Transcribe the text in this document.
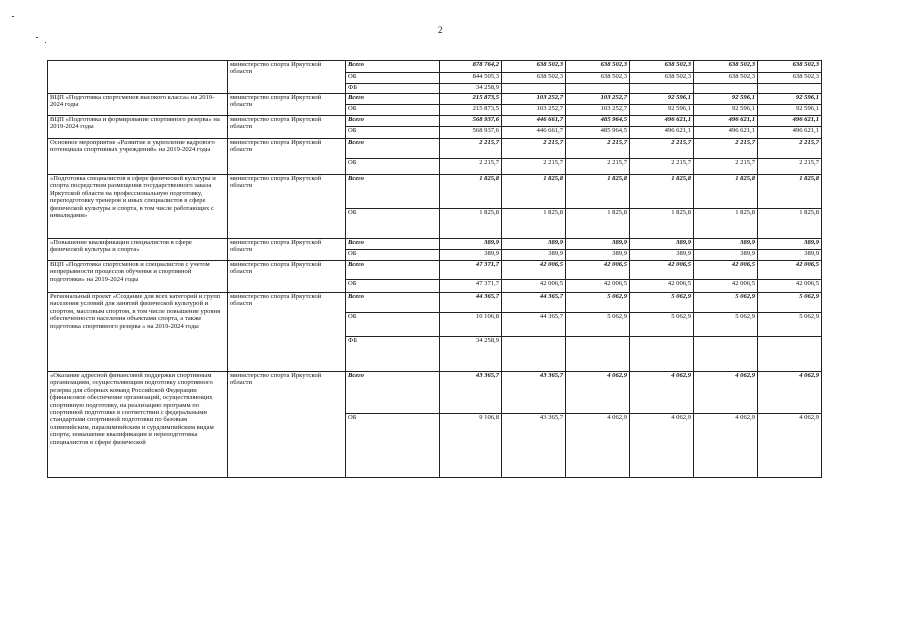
2
	министерство спорта Иркутской области	Всего	878 764,2	638 502,3	638 502,3	638 502,3	638 502,3	638 502,3
		ОБ	844 505,3	638 502,3	638 502,3	638 502,3	638 502,3	638 502,3
		ФБ	34 258,9					
ВЦП «Подготовка спортсменов высокого класса» на 2019-2024 годы	министерство спорта Иркутской области	Всего	215 873,5	103 252,7	103 252,7	92 596,1	92 596,1	92 596,1
		ОБ	215 873,5	103 252,7	103 252,7	92 596,1	92 596,1	92 596,1
ВЦП «Подготовка и формирование спортивного резерва» на 2019-2024 годы	министерство спорта Иркутской области	Всего	568 937,6	446 661,7	485 964,5	496 621,1	496 621,1	496 621,1
		ОБ	568 937,6	446 661,7	485 964,5	496 621,1	496 621,1	496 621,1
Основное мероприятие «Развитие и укрепление кадрового потенциала спортивных учреждений» на 2019-2024 годы	министерство спорта Иркутской области	Всего	2 215,7	2 215,7	2 215,7	2 215,7	2 215,7	2 215,7
		ОБ	2 215,7	2 215,7	2 215,7	2 215,7	2 215,7	2 215,7
«Подготовка специалистов в сфере физической культуры и спорта посредством размещения государственного заказа Иркутской области на профессиональную подготовку, переподготовку тренеров и иных специалистов в сфере физической культуры и спорта, в том числе работающих с инвалидами»	министерство спорта Иркутской области	Всего	1 825,8	1 825,8	1 825,8	1 825,8	1 825,8	1 825,8
		ОБ	1 825,8	1 825,8	1 825,8	1 825,8	1 825,8	1 825,8
«Повышение квалификации специалистов в сфере физической культуры и спорта»	министерство спорта Иркутской области	Всего	389,9	389,9	389,9	389,9	389,9	389,9
		ОБ	389,9	389,9	389,9	389,9	389,9	389,9
ВЦП «Подготовка спортсменов и специалистов с учетом непрерывности процессов обучения и спортивной подготовки» на 2019-2024 годы	министерство спорта Иркутской области	Всего	47 371,7	42 006,5	42 006,5	42 006,5	42 006,5	42 006,5
		ОБ	47 371,7	42 006,5	42 006,5	42 006,5	42 006,5	42 006,5
Региональный проект «Создание для всех категорий и групп населения условий для занятий физической культурой и спортом, массовым спортом, в том числе повышение уровня обеспеченности населения объектами спорта, а также подготовка спортивного резерва » на 2019-2024 годы	министерство спорта Иркутской области	Всего	44 365,7	44 365,7	5 062,9	5 062,9	5 062,9	5 062,9
		ОБ	10 106,8	44 365,7	5 062,9	5 062,9	5 062,9	5 062,9
		ФБ	34 258,9					
«Оказание адресной финансовой поддержки спортивным организациям, осуществляющим подготовку спортивного резерва для сборных команд Российской Федерации (финансовое обеспечение организаций, осуществляющих спортивную подготовку, на реализацию программ по спортивной подготовке в соответствии с федеральными стандартами спортивной подготовки по базовым олимпийским, паралимпийским и сурдлимпийским видам спорта; повышение квалификации и переподготовка специалистов в сфере физической	министерство спорта Иркутской области	Всего	43 365,7	43 365,7	4 062,9	4 062,9	4 062,9	4 062,9
		ОБ	9 106,8	43 365,7	4 062,9	4 062,9	4 062,9	4 062,9
